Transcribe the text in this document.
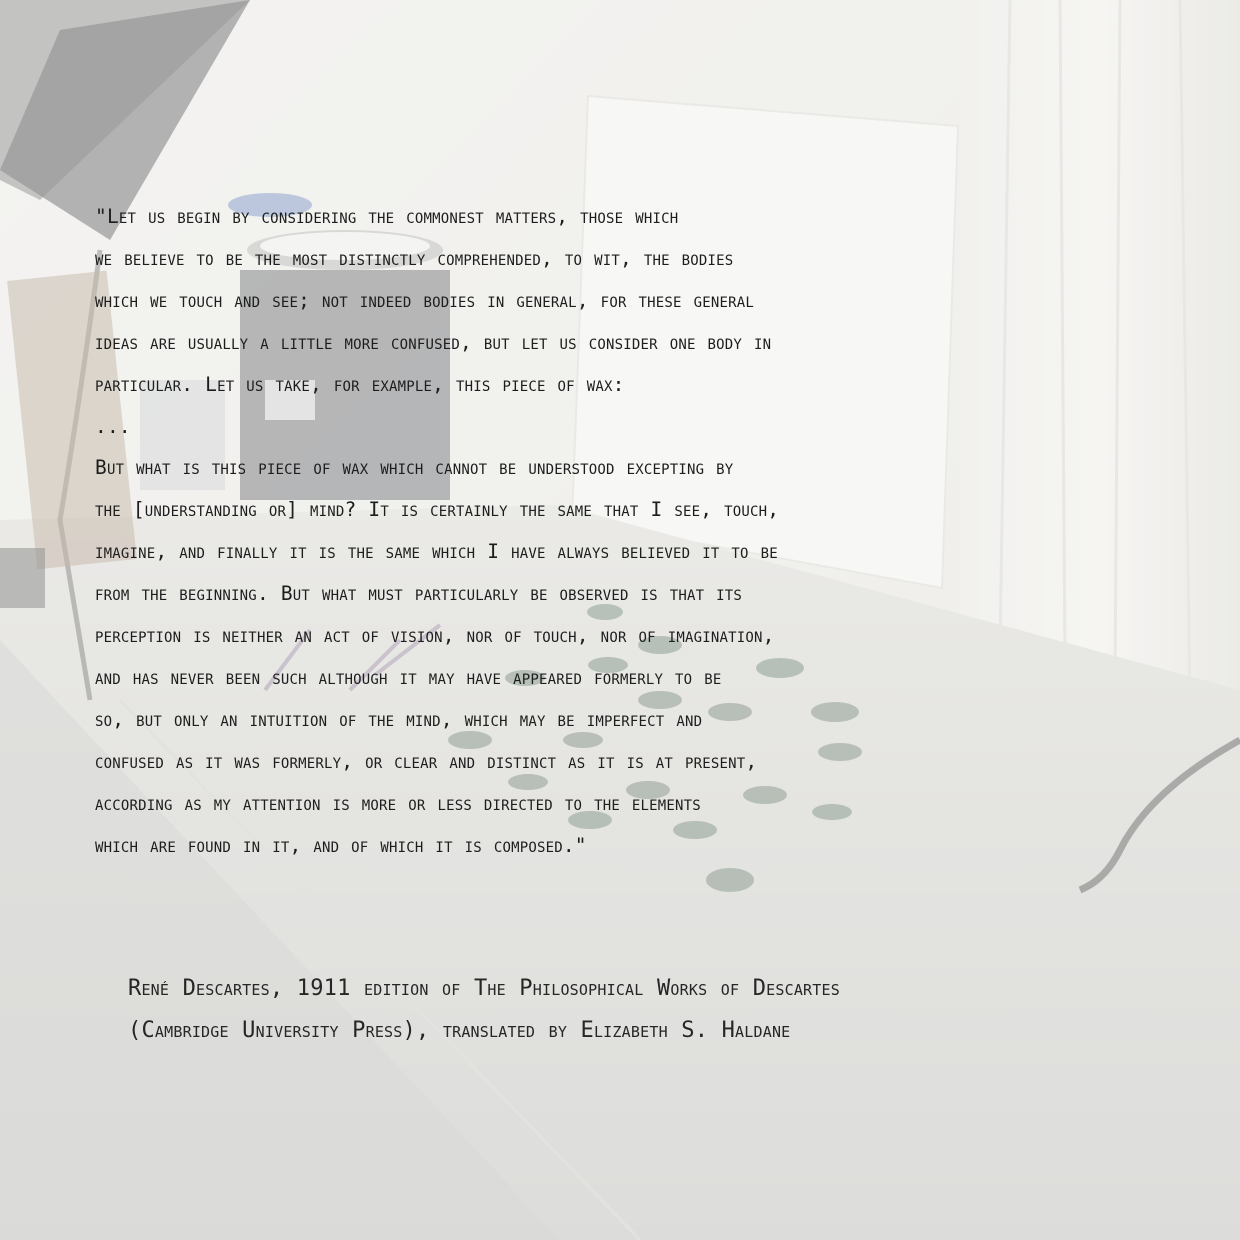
"Let us begin by considering the commonest matters, those which
we believe to be the most distinctly comprehended, to wit, the bodies
which we touch and see; not indeed bodies in general, for these general
ideas are usually a little more confused, but let us consider one body in
particular. Let us take, for example, this piece of wax:
...
But what is this piece of wax which cannot be understood excepting by
the [understanding or] mind? It is certainly the same that I see, touch,
imagine, and finally it is the same which I have always believed it to be
from the beginning. But what must particularly be observed is that its
perception is neither an act of vision, nor of touch, nor of imagination,
and has never been such although it may have appeared formerly to be
so, but only an intuition of the mind, which may be imperfect and
confused as it was formerly, or clear and distinct as it is at present,
according as my attention is more or less directed to the elements
which are found in it, and of which it is composed."
René Descartes, 1911 edition of The Philosophical Works of Descartes
(Cambridge University Press), translated by Elizabeth S. Haldane
